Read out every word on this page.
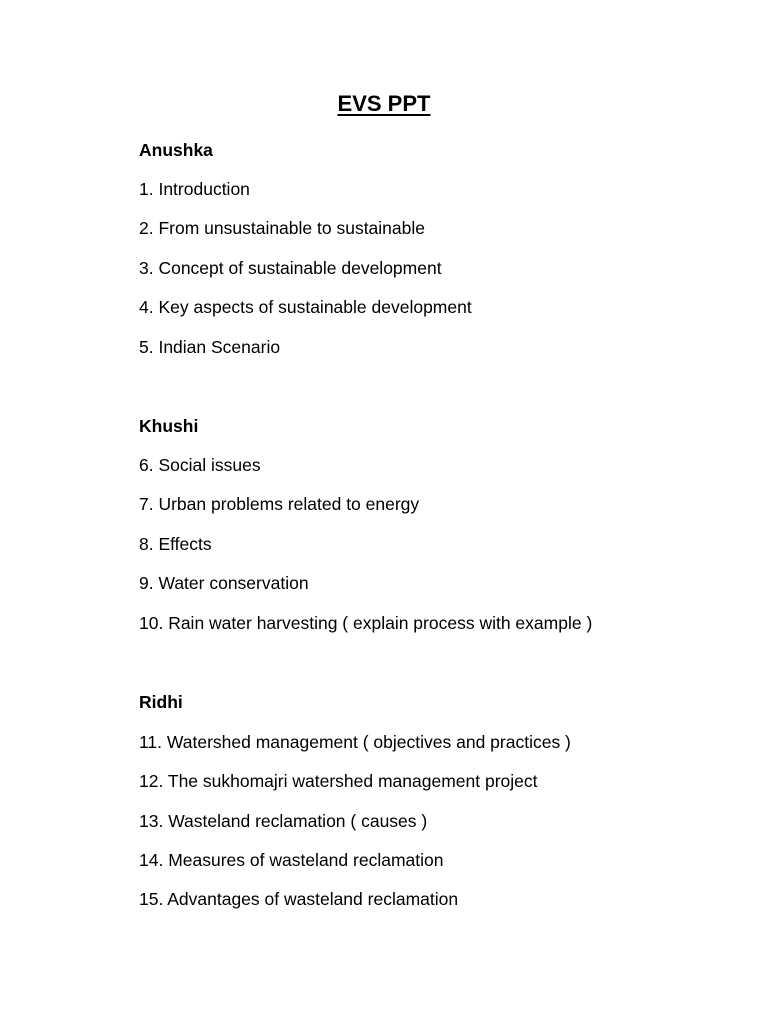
EVS PPT
Anushka
1. Introduction
2. From unsustainable to sustainable
3. Concept of sustainable development
4. Key aspects of sustainable development
5. Indian Scenario
Khushi
6. Social issues
7. Urban problems related to energy
8. Effects
9. Water conservation
10. Rain water harvesting ( explain process with example )
Ridhi
11. Watershed management ( objectives and practices )
12. The sukhomajri watershed management project
13. Wasteland reclamation ( causes )
14. Measures of wasteland reclamation
15. Advantages of wasteland reclamation
